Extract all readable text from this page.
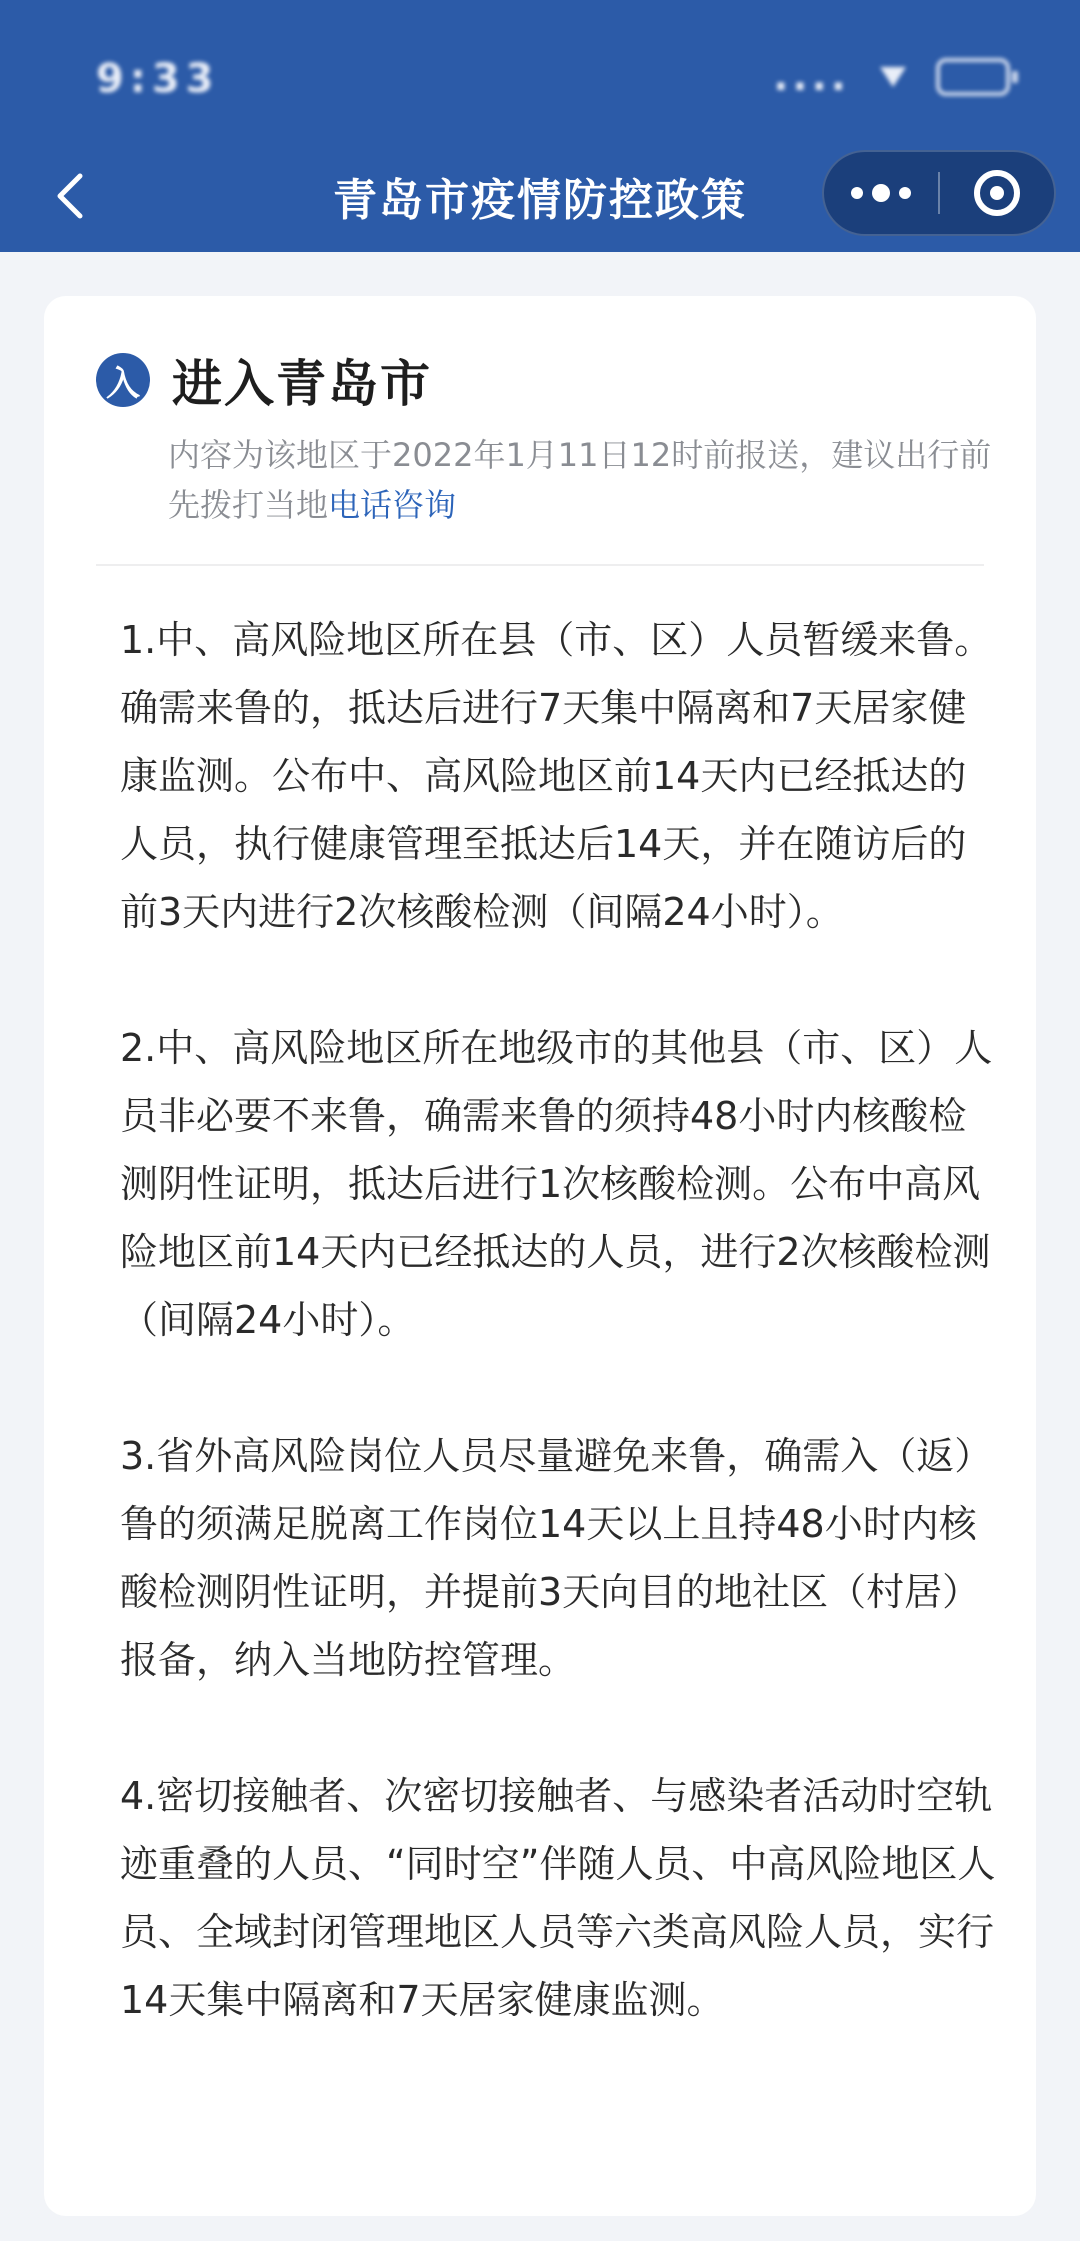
9:33	....
青岛市疫情防控政策
入 进入青岛市
内容为该地区于2022年1月11日12时前报送，建议出行前先拨打当地电话咨询

1.中、高风险地区所在县（市、区）人员暂缓来鲁。确需来鲁的，抵达后进行7天集中隔离和7天居家健康监测。公布中、高风险地区前14天内已经抵达的人员，执行健康管理至抵达后14天，并在随访后的前3天内进行2次核酸检测（间隔24小时）。

2.中、高风险地区所在地级市的其他县（市、区）人员非必要不来鲁，确需来鲁的须持48小时内核酸检测阴性证明，抵达后进行1次核酸检测。公布中高风险地区前14天内已经抵达的人员，进行2次核酸检测（间隔24小时）。

3.省外高风险岗位人员尽量避免来鲁，确需入（返）鲁的须满足脱离工作岗位14天以上且持48小时内核酸检测阴性证明，并提前3天向目的地社区（村居）报备，纳入当地防控管理。

4.密切接触者、次密切接触者、与感染者活动时空轨迹重叠的人员、“同时空”伴随人员、中高风险地区人员、全域封闭管理地区人员等六类高风险人员，实行14天集中隔离和7天居家健康监测。
